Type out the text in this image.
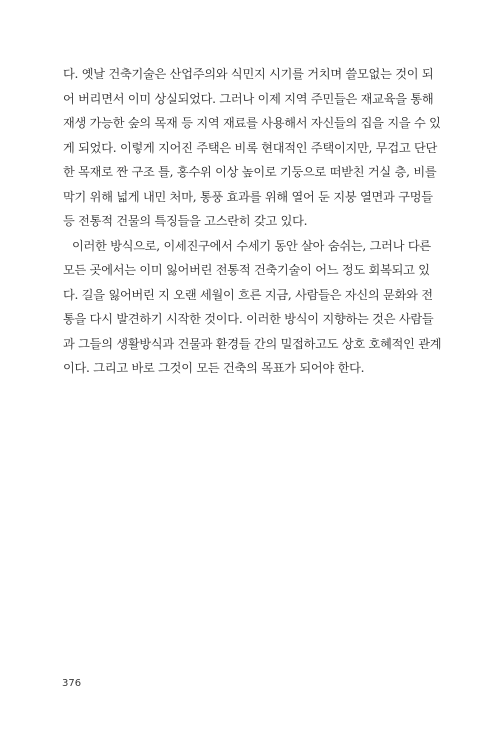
다. 옛날 건축기술은 산업주의와 식민지 시기를 거치며 쓸모없는 것이 되
어 버리면서 이미 상실되었다. 그러나 이제 지역 주민들은 재교육을 통해
재생 가능한 숲의 목재 등 지역 재료를 사용해서 자신들의 집을 지을 수 있
게 되었다. 이렇게 지어진 주택은 비록 현대적인 주택이지만, 무겁고 단단
한 목재로 짠 구조 틀, 홍수위 이상 높이로 기둥으로 떠받친 거실 층, 비를
막기 위해 넓게 내민 처마, 통풍 효과를 위해 열어 둔 지붕 열면과 구멍들
등 전통적 건물의 특징들을 고스란히 갖고 있다.
이러한 방식으로, 이세진구에서 수세기 동안 살아 숨쉬는, 그러나 다른
모든 곳에서는 이미 잃어버린 전통적 건축기술이 어느 정도 회복되고 있
다. 길을 잃어버린 지 오랜 세월이 흐른 지금, 사람들은 자신의 문화와 전
통을 다시 발견하기 시작한 것이다. 이러한 방식이 지향하는 것은 사람들
과 그들의 생활방식과 건물과 환경들 간의 밀접하고도 상호 호혜적인 관계
이다. 그리고 바로 그것이 모든 건축의 목표가 되어야 한다.
376
